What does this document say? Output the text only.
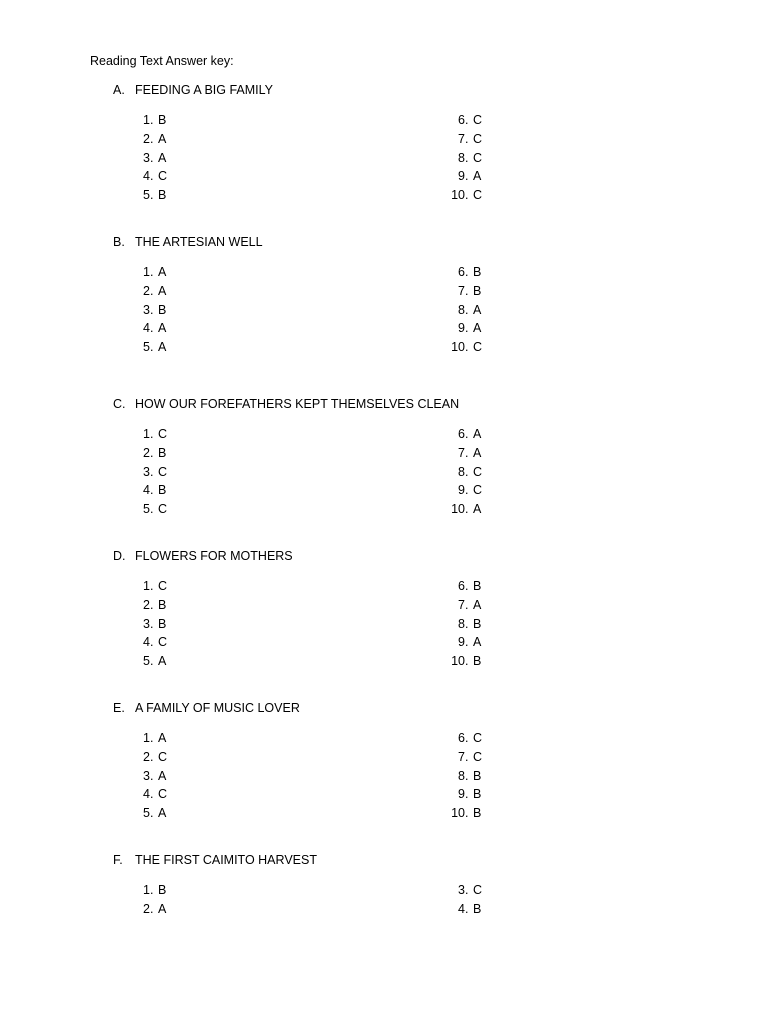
Reading Text Answer key:
A. FEEDING A BIG FAMILY
1. B
2. A
3. A
4. C
5. B
6. C
7. C
8. C
9. A
10. C
B. THE ARTESIAN WELL
1. A
2. A
3. B
4. A
5. A
6. B
7. B
8. A
9. A
10. C
C. HOW OUR FOREFATHERS KEPT THEMSELVES CLEAN
1. C
2. B
3. C
4. B
5. C
6. A
7. A
8. C
9. C
10. A
D. FLOWERS FOR MOTHERS
1. C
2. B
3. B
4. C
5. A
6. B
7. A
8. B
9. A
10. B
E. A FAMILY OF MUSIC LOVER
1. A
2. C
3. A
4. C
5. A
6. C
7. C
8. B
9. B
10. B
F. THE FIRST CAIMITO HARVEST
1. B
2. A
3. C
4. B
